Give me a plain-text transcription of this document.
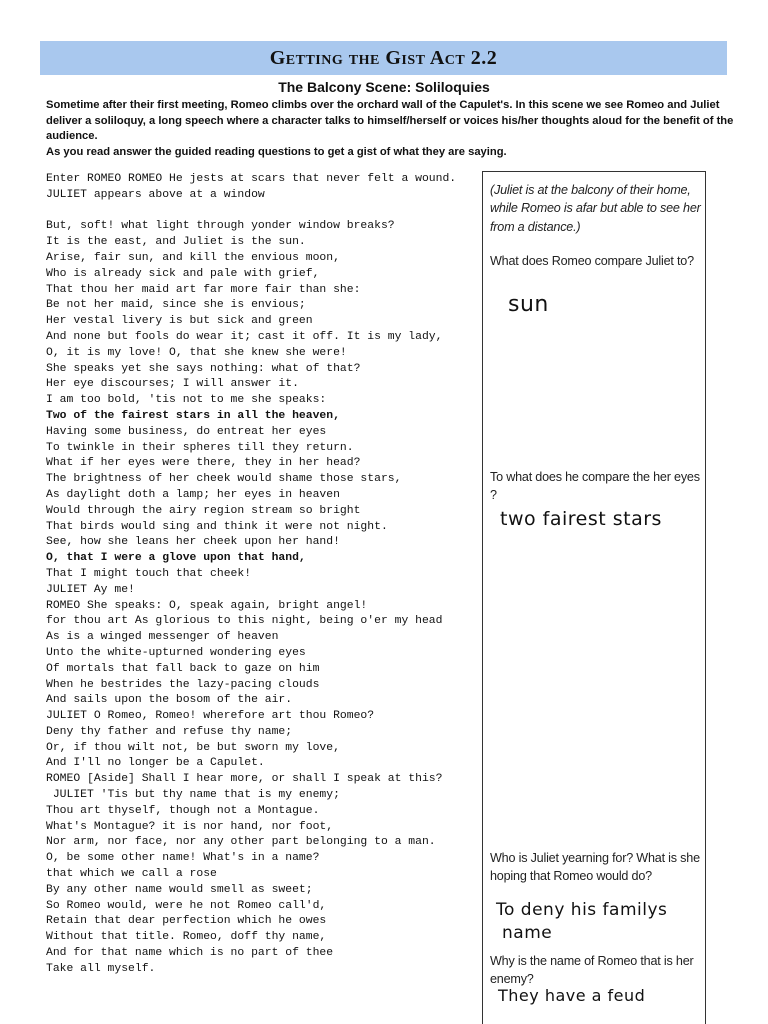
Getting the Gist Act 2.2

The Balcony Scene: Soliloquies

Sometime after their first meeting, Romeo climbs over the orchard wall of the Capulet's. In this scene we see Romeo and Juliet deliver a soliloquy, a long speech where a character talks to himself/herself or voices his/her thoughts aloud for the benefit of the audience.
As you read answer the guided reading questions to get a gist of what they are saying.
Enter ROMEO ROMEO He jests at scars that never felt a wound.
JULIET appears above at a window
But, soft! what light through yonder window breaks?
It is the east, and Juliet is the sun.
Arise, fair sun, and kill the envious moon,
Who is already sick and pale with grief,
That thou her maid art far more fair than she:
Be not her maid, since she is envious;
Her vestal livery is but sick and green
And none but fools do wear it; cast it off. It is my lady,
O, it is my love! O, that she knew she were!
She speaks yet she says nothing: what of that?
Her eye discourses; I will answer it.
I am too bold, 'tis not to me she speaks:
Two of the fairest stars in all the heaven,
Having some business, do entreat her eyes
To twinkle in their spheres till they return.
What if her eyes were there, they in her head?
The brightness of her cheek would shame those stars,
As daylight doth a lamp; her eyes in heaven
Would through the airy region stream so bright
That birds would sing and think it were not night.
See, how she leans her cheek upon her hand!
O, that I were a glove upon that hand,
That I might touch that cheek!
JULIET Ay me!
ROMEO She speaks: O, speak again, bright angel!
for thou art As glorious to this night, being o'er my head
As is a winged messenger of heaven
Unto the white-upturned wondering eyes
Of mortals that fall back to gaze on him
When he bestrides the lazy-pacing clouds
And sails upon the bosom of the air.
JULIET O Romeo, Romeo! wherefore art thou Romeo?
Deny thy father and refuse thy name;
Or, if thou wilt not, be but sworn my love,
And I'll no longer be a Capulet.
ROMEO [Aside] Shall I hear more, or shall I speak at this?
JULIET 'Tis but thy name that is my enemy;
Thou art thyself, though not a Montague.
What's Montague? it is nor hand, nor foot,
Nor arm, nor face, nor any other part belonging to a man.
O, be some other name! What's in a name?
that which we call a rose
By any other name would smell as sweet;
So Romeo would, were he not Romeo call'd,
Retain that dear perfection which he owes
Without that title. Romeo, doff thy name,
And for that name which is no part of thee
Take all myself.

(Juliet is at the balcony of their home, while Romeo is afar but able to see her from a distance.)

What does Romeo compare Juliet to?

sun

To what does he compare the her eyes ?

two fairest stars

Who is Juliet yearning for? What is she hoping that Romeo would do?

To deny his familys

name

Why is the name of Romeo that is her enemy?

They have a feud
